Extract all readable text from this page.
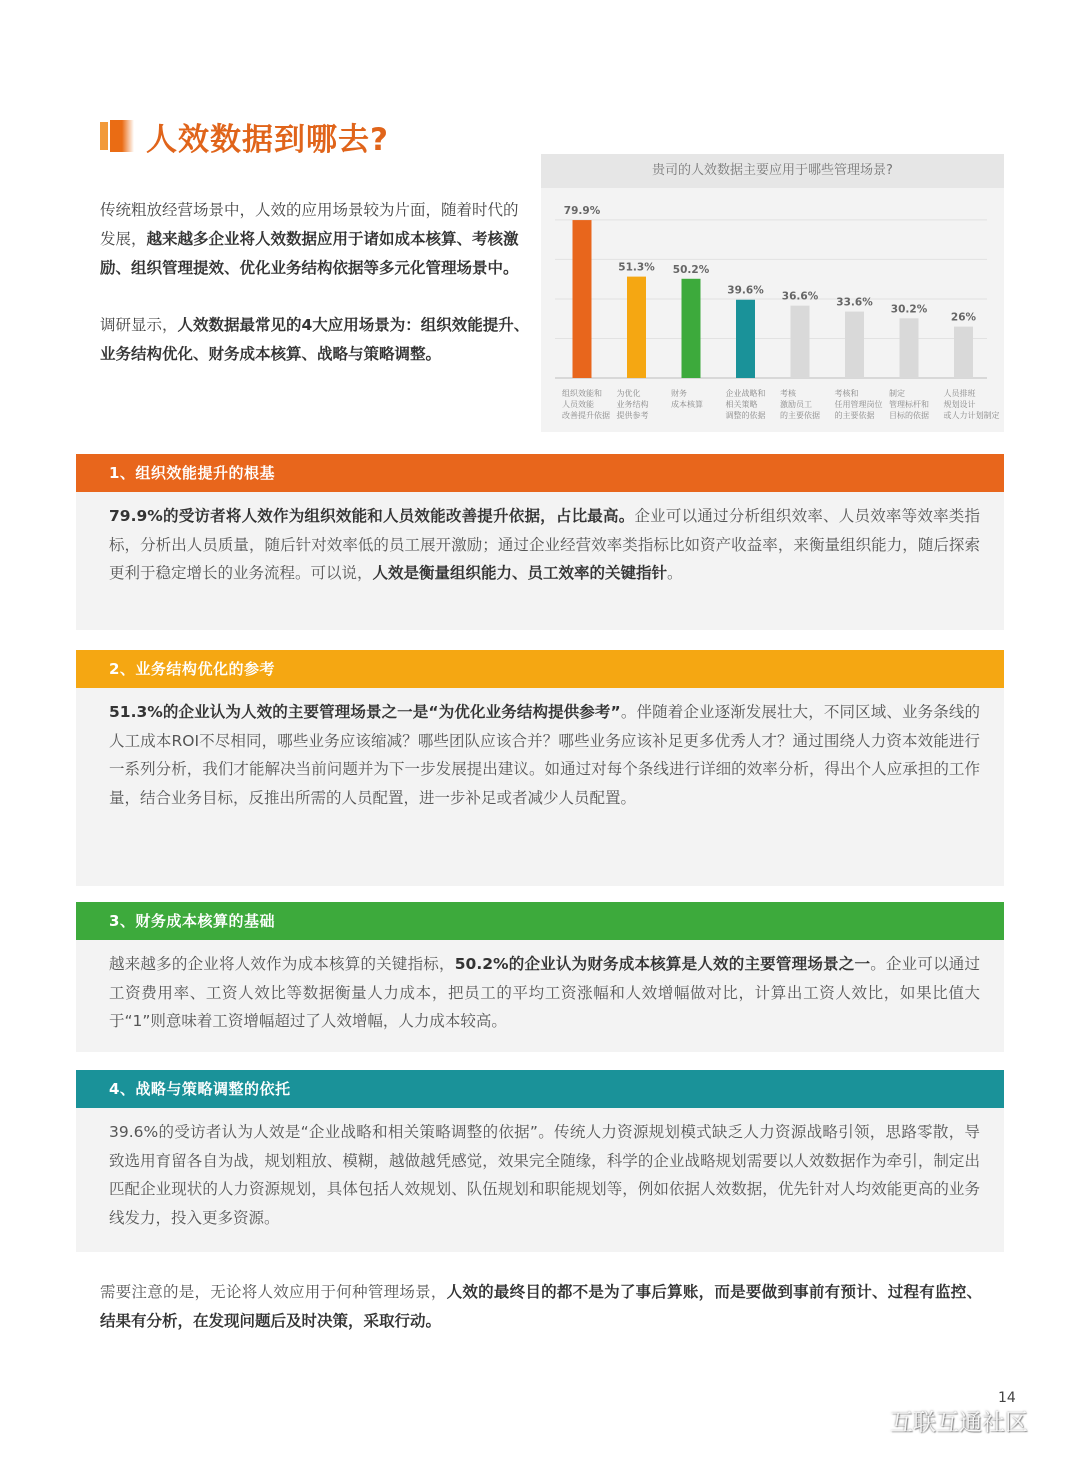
人效数据到哪去?

传统粗放经营场景中，人效的应用场景较为片面，随着时代的发展，越来越多企业将人效数据应用于诸如成本核算、考核激励、组织管理提效、优化业务结构依据等多元化管理场景中。

调研显示，人效数据最常见的4大应用场景为：组织效能提升、业务结构优化、财务成本核算、战略与策略调整。

贵司的人效数据主要应用于哪些管理场景?
79.9%
组织效能和
人员效能
改善提升依据
51.3%
为优化
业务结构
提供参考
50.2%
财务
成本核算
39.6%
企业战略和
相关策略
调整的依据
36.6%
考核
激励员工
的主要依据
33.6%
考核和
任用管理岗位
的主要依据
30.2%
制定
管理标杆和
目标的依据
26%
人员排班
规划设计
或人力计划制定
1、组织效能提升的根基

79.9%的受访者将人效作为组织效能和人员效能改善提升依据，占比最高。企业可以通过分析组织效率、人员效率等效率类指标，分析出人员质量，随后针对效率低的员工展开激励；通过企业经营效率类指标比如资产收益率，来衡量组织能力，随后探索更利于稳定增长的业务流程。可以说，人效是衡量组织能力、员工效率的关键指针。

2、业务结构优化的参考

51.3%的企业认为人效的主要管理场景之一是“为优化业务结构提供参考”。伴随着企业逐渐发展壮大，不同区域、业务条线的人工成本ROI不尽相同，哪些业务应该缩减？哪些团队应该合并？哪些业务应该补足更多优秀人才？通过围绕人力资本效能进行一系列分析，我们才能解决当前问题并为下一步发展提出建议。如通过对每个条线进行详细的效率分析，得出个人应承担的工作量，结合业务目标，反推出所需的人员配置，进一步补足或者减少人员配置。

3、财务成本核算的基础

越来越多的企业将人效作为成本核算的关键指标，50.2%的企业认为财务成本核算是人效的主要管理场景之一。企业可以通过工资费用率、工资人效比等数据衡量人力成本，把员工的平均工资涨幅和人效增幅做对比，计算出工资人效比，如果比值大于“1”则意味着工资增幅超过了人效增幅，人力成本较高。

4、战略与策略调整的依托

39.6%的受访者认为人效是“企业战略和相关策略调整的依据”。传统人力资源规划模式缺乏人力资源战略引领，思路零散，导致选用育留各自为战，规划粗放、模糊，越做越凭感觉，效果完全随缘，科学的企业战略规划需要以人效数据作为牵引，制定出匹配企业现状的人力资源规划，具体包括人效规划、队伍规划和职能规划等，例如依据人效数据，优先针对人均效能更高的业务线发力，投入更多资源。

需要注意的是，无论将人效应用于何种管理场景，人效的最终目的都不是为了事后算账，而是要做到事前有预计、过程有监控、结果有分析，在发现问题后及时决策，采取行动。

14
互联互通社区
